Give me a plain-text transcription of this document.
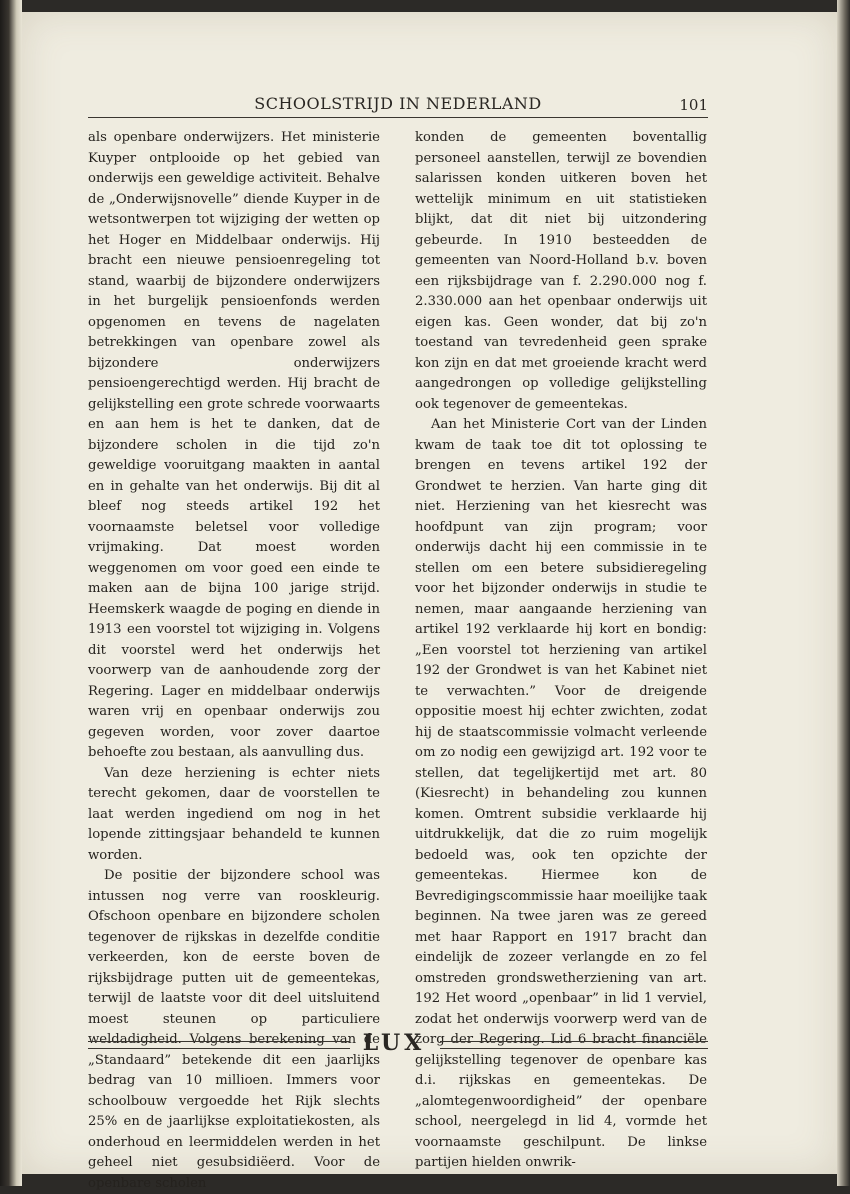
SCHOOLSTRIJD IN NEDERLAND	101

als openbare onderwijzers. Het ministerie Kuyper ontplooide op het gebied van onderwijs een geweldige activiteit. Behalve de „Onderwijsnovelle” diende Kuyper in de wetsontwerpen tot wijziging der wetten op het Hoger en Middelbaar onderwijs. Hij bracht een nieuwe pensioenregeling tot stand, waarbij de bijzondere onderwijzers in het burgelijk pensioenfonds werden opgenomen en tevens de nagelaten betrekkingen van openbare zowel als bijzondere onderwijzers pensioengerechtigd werden. Hij bracht de gelijkstelling een grote schrede voorwaarts en aan hem is het te danken, dat de bijzondere scholen in die tijd zo'n geweldige vooruitgang maakten in aantal en in gehalte van het onderwijs. Bij dit al bleef nog steeds artikel 192 het voornaamste beletsel voor volledige vrijmaking. Dat moest worden weggenomen om voor goed een einde te maken aan de bijna 100 jarige strijd. Heemskerk waagde de poging en diende in 1913 een voorstel tot wijziging in. Volgens dit voorstel werd het onderwijs het voorwerp van de aanhoudende zorg der Regering. Lager en middelbaar onderwijs waren vrij en openbaar onderwijs zou gegeven worden, voor zover daartoe behoefte zou bestaan, als aanvulling dus.

Van deze herziening is echter niets terecht gekomen, daar de voorstellen te laat werden ingediend om nog in het lopende zittingsjaar behandeld te kunnen worden.

De positie der bijzondere school was intussen nog verre van rooskleurig. Ofschoon openbare en bijzondere scholen tegenover de rijkskas in dezelfde conditie verkeerden, kon de eerste boven de rijksbijdrage putten uit de gemeentekas, terwijl de laatste voor dit deel uitsluitend moest steunen op particuliere weldadigheid. Volgens berekening van de „Standaard” betekende dit een jaarlijks bedrag van 10 millioen. Immers voor schoolbouw vergoedde het Rijk slechts 25% en de jaarlijkse exploitatiekosten, als onderhoud en leermiddelen werden in het geheel niet gesubsidiëerd. Voor de openbare scholen

konden de gemeenten boventallig personeel aanstellen, terwijl ze bovendien salarissen konden uitkeren boven het wettelijk minimum en uit statistieken blijkt, dat dit niet bij uitzondering gebeurde. In 1910 besteedden de gemeenten van Noord-Holland b.v. boven een rijksbijdrage van f. 2.290.000 nog f. 2.330.000 aan het openbaar onderwijs uit eigen kas. Geen wonder, dat bij zo'n toestand van tevredenheid geen sprake kon zijn en dat met groeiende kracht werd aangedrongen op volledige gelijkstelling ook tegenover de gemeentekas.

Aan het Ministerie Cort van der Linden kwam de taak toe dit tot oplossing te brengen en tevens artikel 192 der Grondwet te herzien. Van harte ging dit niet. Herziening van het kiesrecht was hoofdpunt van zijn program; voor onderwijs dacht hij een commissie in te stellen om een betere subsidieregeling voor het bijzonder onderwijs in studie te nemen, maar aangaande herziening van artikel 192 verklaarde hij kort en bondig: „Een voorstel tot herziening van artikel 192 der Grondwet is van het Kabinet niet te verwachten.” Voor de dreigende oppositie moest hij echter zwichten, zodat hij de staatscommissie volmacht verleende om zo nodig een gewijzigd art. 192 voor te stellen, dat tegelijkertijd met art. 80 (Kiesrecht) in behandeling zou kunnen komen. Omtrent subsidie verklaarde hij uitdrukkelijk, dat die zo ruim mogelijk bedoeld was, ook ten opzichte der gemeentekas. Hiermee kon de Bevredigingscommissie haar moeilijke taak beginnen. Na twee jaren was ze gereed met haar Rapport en 1917 bracht dan eindelijk de zozeer verlangde en zo fel omstreden grondswetherziening van art. 192 Het woord „openbaar” in lid 1 verviel, zodat het onderwijs voorwerp werd van de zorg der Regering. Lid 6 bracht financiële gelijkstelling tegenover de openbare kas d.i. rijkskas en gemeentekas. De „alomtegenwoordigheid” der openbare school, neergelegd in lid 4, vormde het voornaamste geschilpunt. De linkse partijen hielden onwrik-

LUX
